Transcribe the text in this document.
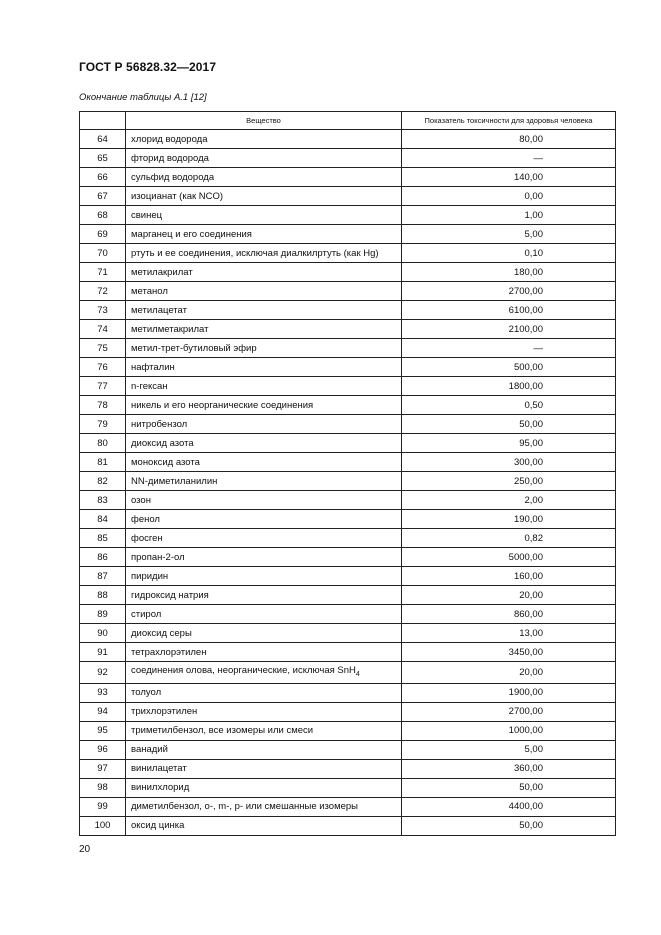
ГОСТ Р 56828.32—2017
Окончание таблицы А.1 [12]
	Вещество	Показатель токсичности для здоровья человека
64	хлорид водорода	80,00
65	фторид водорода	—
66	сульфид водорода	140,00
67	изоцианат (как NCO)	0,00
68	свинец	1,00
69	марганец и его соединения	5,00
70	ртуть и ее соединения, исключая диалкилртуть (как Hg)	0,10
71	метилакрилат	180,00
72	метанол	2700,00
73	метилацетат	6100,00
74	метилметакрилат	2100,00
75	метил-трет-бутиловый эфир	—
76	нафталин	500,00
77	n-гексан	1800,00
78	никель и его неорганические соединения	0,50
79	нитробензол	50,00
80	диоксид азота	95,00
81	моноксид азота	300,00
82	NN-диметиланилин	250,00
83	озон	2,00
84	фенол	190,00
85	фосген	0,82
86	пропан-2-ол	5000,00
87	пиридин	160,00
88	гидроксид натрия	20,00
89	стирол	860,00
90	диоксид серы	13,00
91	тетрахлорэтилен	3450,00
92	соединения олова, неорганические, исключая SnH$_4$	20,00
93	толуол	1900,00
94	трихлорэтилен	2700,00
95	триметилбензол, все изомеры или смеси	1000,00
96	ванадий	5,00
97	винилацетат	360,00
98	винилхлорид	50,00
99	диметилбензол, о-, m-, p- или смешанные изомеры	4400,00
100	оксид цинка	50,00
20
